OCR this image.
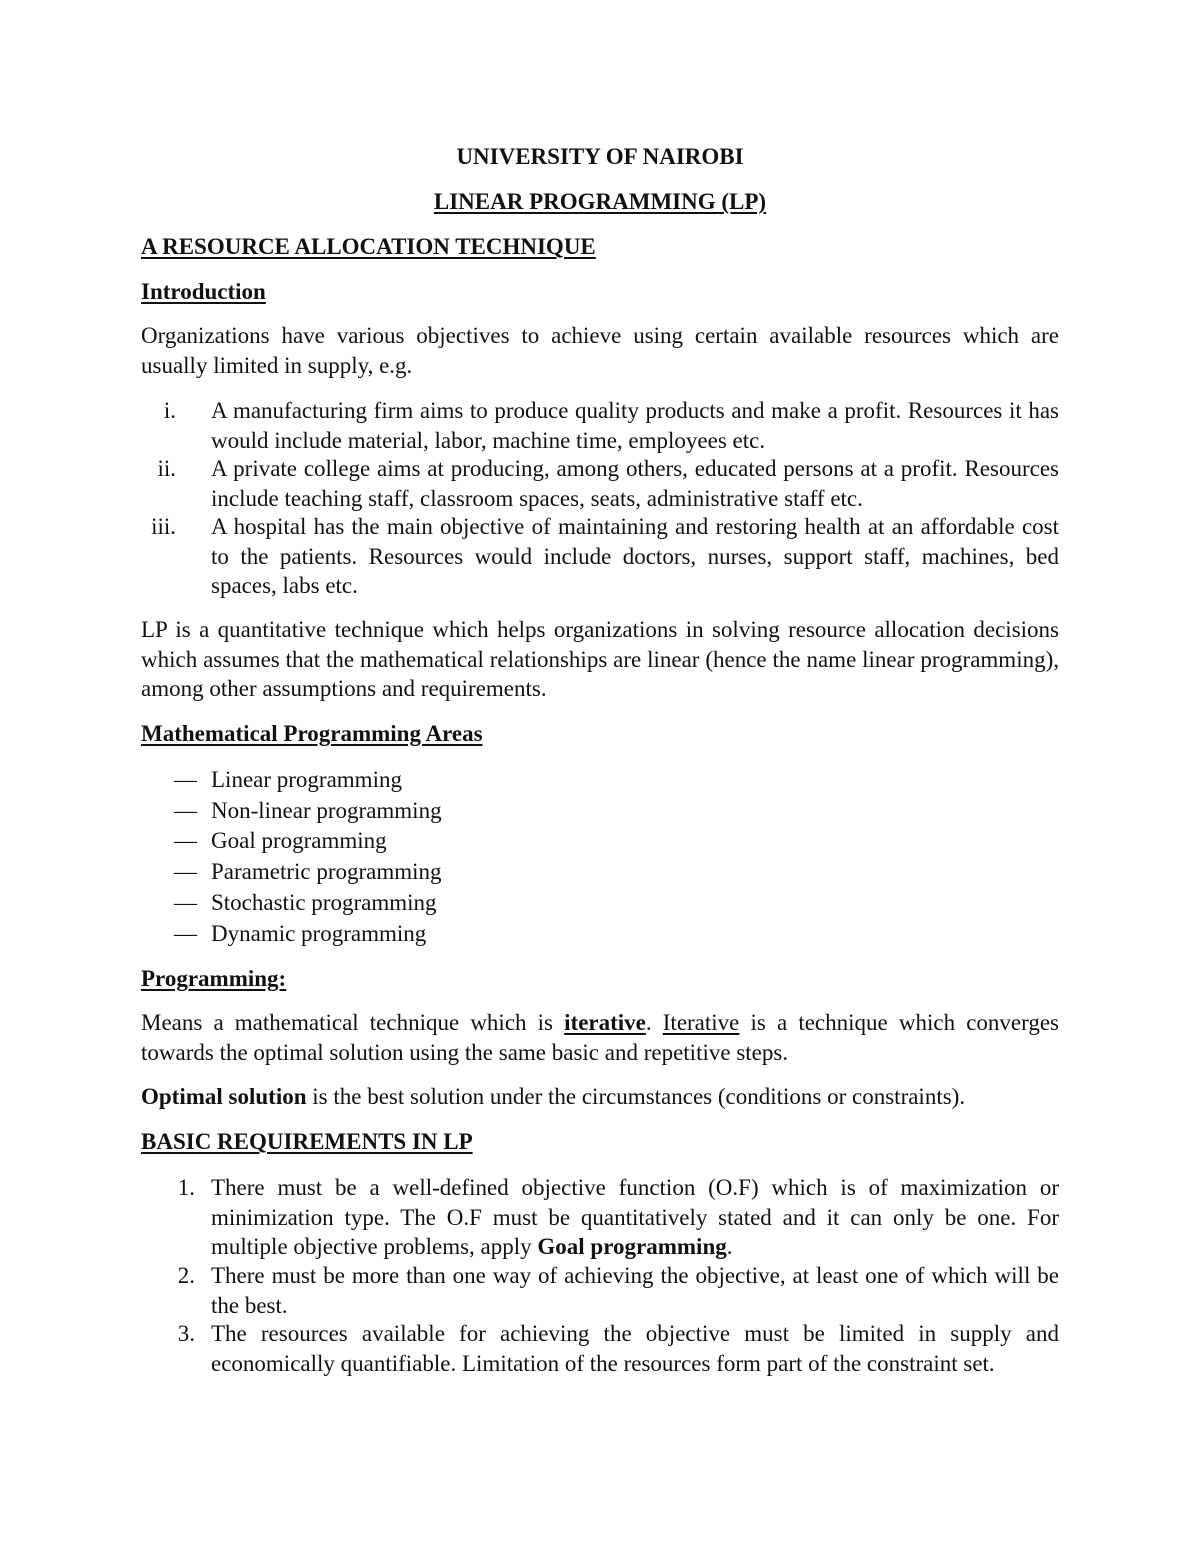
UNIVERSITY OF NAIROBI
LINEAR PROGRAMMING (LP)
A RESOURCE ALLOCATION TECHNIQUE
Introduction

Organizations have various objectives to achieve using certain available resources which are usually limited in supply, e.g.

i. A manufacturing firm aims to produce quality products and make a profit. Resources it has would include material, labor, machine time, employees etc.
ii. A private college aims at producing, among others, educated persons at a profit. Resources include teaching staff, classroom spaces, seats, administrative staff etc.
iii. A hospital has the main objective of maintaining and restoring health at an affordable cost to the patients. Resources would include doctors, nurses, support staff, machines, bed spaces, labs etc.

LP is a quantitative technique which helps organizations in solving resource allocation decisions which assumes that the mathematical relationships are linear (hence the name linear programming), among other assumptions and requirements.

Mathematical Programming Areas
— Linear programming
— Non-linear programming
— Goal programming
— Parametric programming
— Stochastic programming
— Dynamic programming
Programming:

Means a mathematical technique which is iterative. Iterative is a technique which converges towards the optimal solution using the same basic and repetitive steps.

Optimal solution is the best solution under the circumstances (conditions or constraints).

BASIC REQUIREMENTS IN LP
1. There must be a well-defined objective function (O.F) which is of maximization or minimization type. The O.F must be quantitatively stated and it can only be one. For multiple objective problems, apply Goal programming.
2. There must be more than one way of achieving the objective, at least one of which will be the best.
3. The resources available for achieving the objective must be limited in supply and economically quantifiable. Limitation of the resources form part of the constraint set.
